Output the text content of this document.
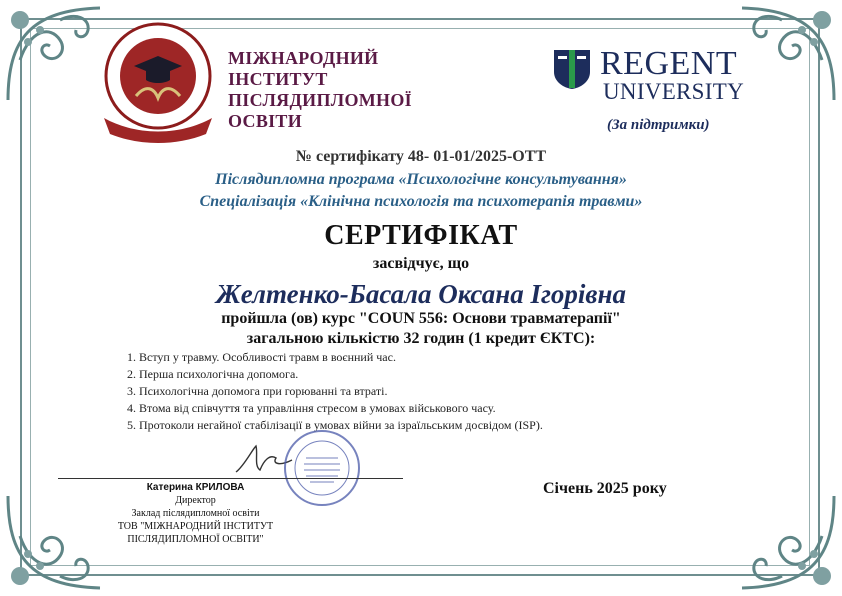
МІЖНАРОДНИЙ
ІНСТИТУТ
ПІСЛЯДИПЛОМНОЇ
ОСВІТИ
REGENT
UNIVERSITY
(За підтримки)
№ сертифікату 48- 01-01/2025-OTT
Післядипломна програма «Психологічне консультування»
Спеціалізація «Клінічна психологія та психотерапія травми»
СЕРТИФІКАТ
засвідчує, що
Желтенко-Басала Оксана Ігорівна
пройшла (ов) курс "COUN 556: Основи травматерапії"
загальною кількістю 32 годин (1 кредит ЄКТС):
1. Вступ у травму. Особливості травм в воєнний час.
2. Перша психологічна допомога.
3. Психологічна допомога при горюванні та втраті.
4. Втома від співчуття та управління стресом в умовах військового часу.
5. Протоколи негайної стабілізації в умовах війни за ізраїльським досвідом (ISP).
Катерина КРИЛОВА
Директор
Заклад післядипломної освіти
ТОВ "МІЖНАРОДНИЙ ІНСТИТУТ
ПІСЛЯДИПЛОМНОЇ ОСВІТИ"
Січень 2025 року
